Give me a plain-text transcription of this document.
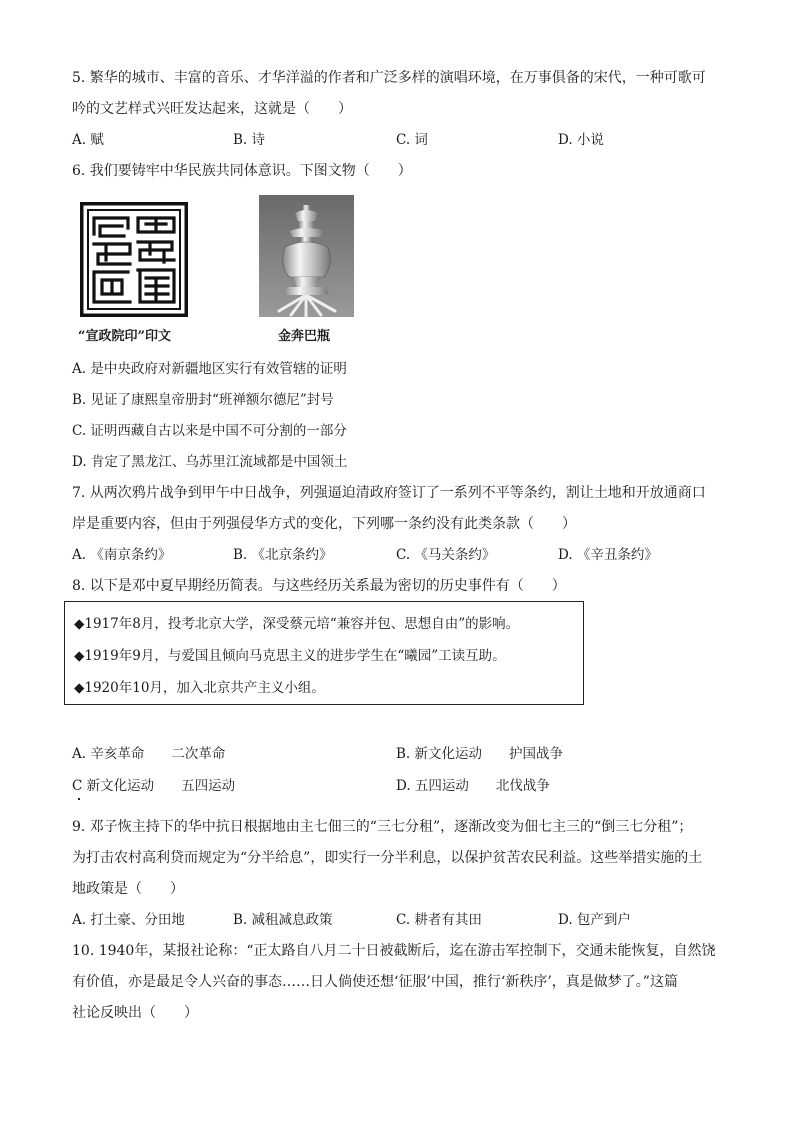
5. 繁华的城市、丰富的音乐、才华洋溢的作者和广泛多样的演唱环境，在万事俱备的宋代，一种可歌可
吟的文艺样式兴旺发达起来，这就是（　　）
A. 赋	B. 诗	C. 词	D. 小说
6. 我们要铸牢中华民族共同体意识。下图文物（　　）
“宣政院印”印文	金奔巴瓶
A. 是中央政府对新疆地区实行有效管辖的证明
B. 见证了康熙皇帝册封“班禅额尔德尼”封号
C. 证明西藏自古以来是中国不可分割的一部分
D. 肯定了黑龙江、乌苏里江流域都是中国领土
7. 从两次鸦片战争到甲午中日战争，列强逼迫清政府签订了一系列不平等条约，割让土地和开放通商口
岸是重要内容，但由于列强侵华方式的变化，下列哪一条约没有此类条款（　　）
A. 《南京条约》	B. 《北京条约》	C. 《马关条约》	D. 《辛丑条约》
8. 以下是邓中夏早期经历简表。与这些经历关系最为密切的历史事件有（　　）
◆1917年8月，投考北京大学，深受蔡元培“兼容并包、思想自由”的影响。
◆1919年9月，与爱国且倾向马克思主义的进步学生在“曦园”工读互助。
◆1920年10月，加入北京共产主义小组。
A. 辛亥革命　　二次革命	B. 新文化运动　　护国战争
C 新文化运动　　五四运动	D. 五四运动　　北伐战争
9. 邓子恢主持下的华中抗日根据地由主七佃三的“三七分租”，逐渐改变为佃七主三的“倒三七分租”；
为打击农村高利贷而规定为“分半给息”，即实行一分半利息，以保护贫苦农民利益。这些举措实施的土
地政策是（　　）
A. 打土豪、分田地	B. 减租减息政策	C. 耕者有其田	D. 包产到户
10. 1940年，某报社论称：“正太路自八月二十日被截断后，迄在游击军控制下，交通未能恢复，自然饶
有价值，亦是最足令人兴奋的事态……日人倘使还想‘征服’中国，推行‘新秩序’，真是做梦了。”这篇
社论反映出（　　）
